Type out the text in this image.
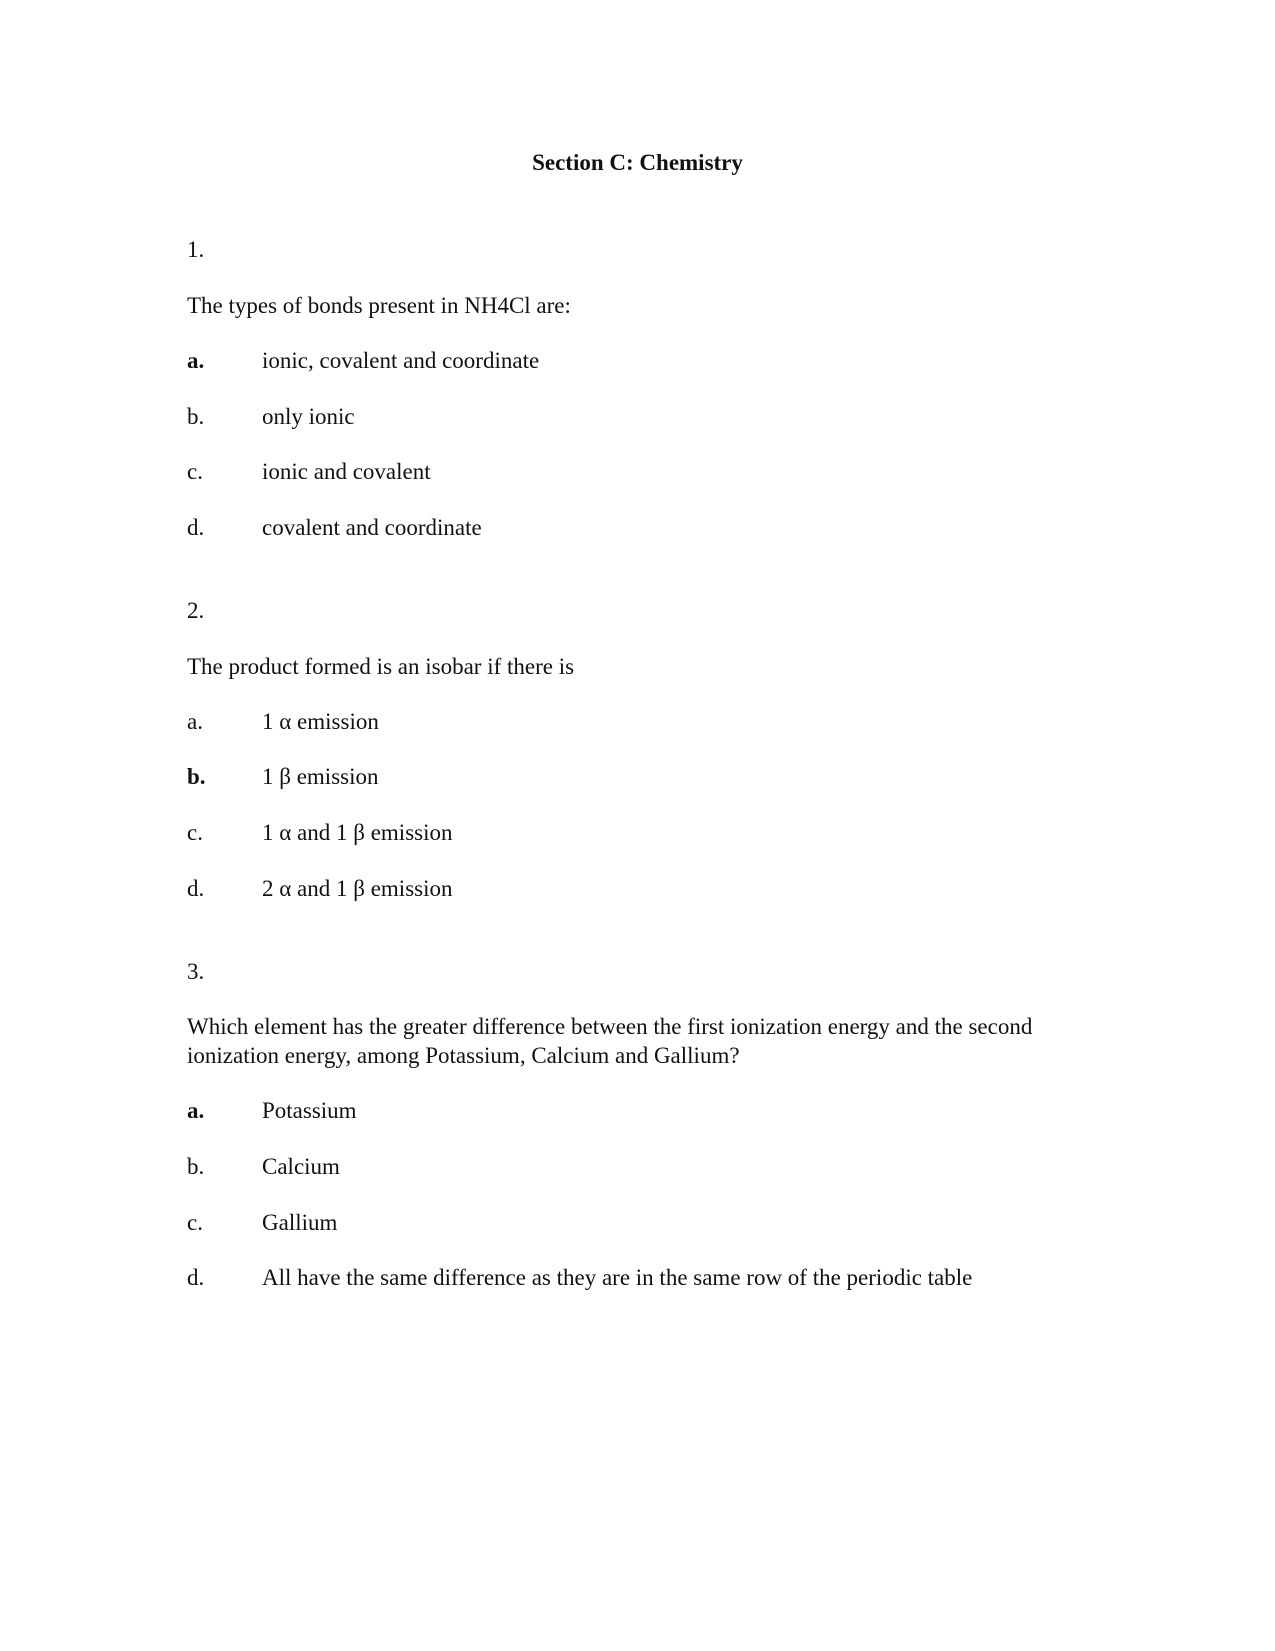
Section C: Chemistry
1.
The types of bonds present in NH4Cl are:
a.	ionic, covalent and coordinate
b.	only ionic
c.	ionic and covalent
d.	covalent and coordinate
2.
The product formed is an isobar if there is
a.	1 α emission
b. 1 β emission
c.	1 α and 1 β emission
d.	2 α and 1 β emission
3.
Which element has the greater difference between the first ionization energy and the second ionization energy, among Potassium, Calcium and Gallium?
a.	Potassium
b.	Calcium
c.	Gallium
d.	All have the same difference as they are in the same row of the periodic table
